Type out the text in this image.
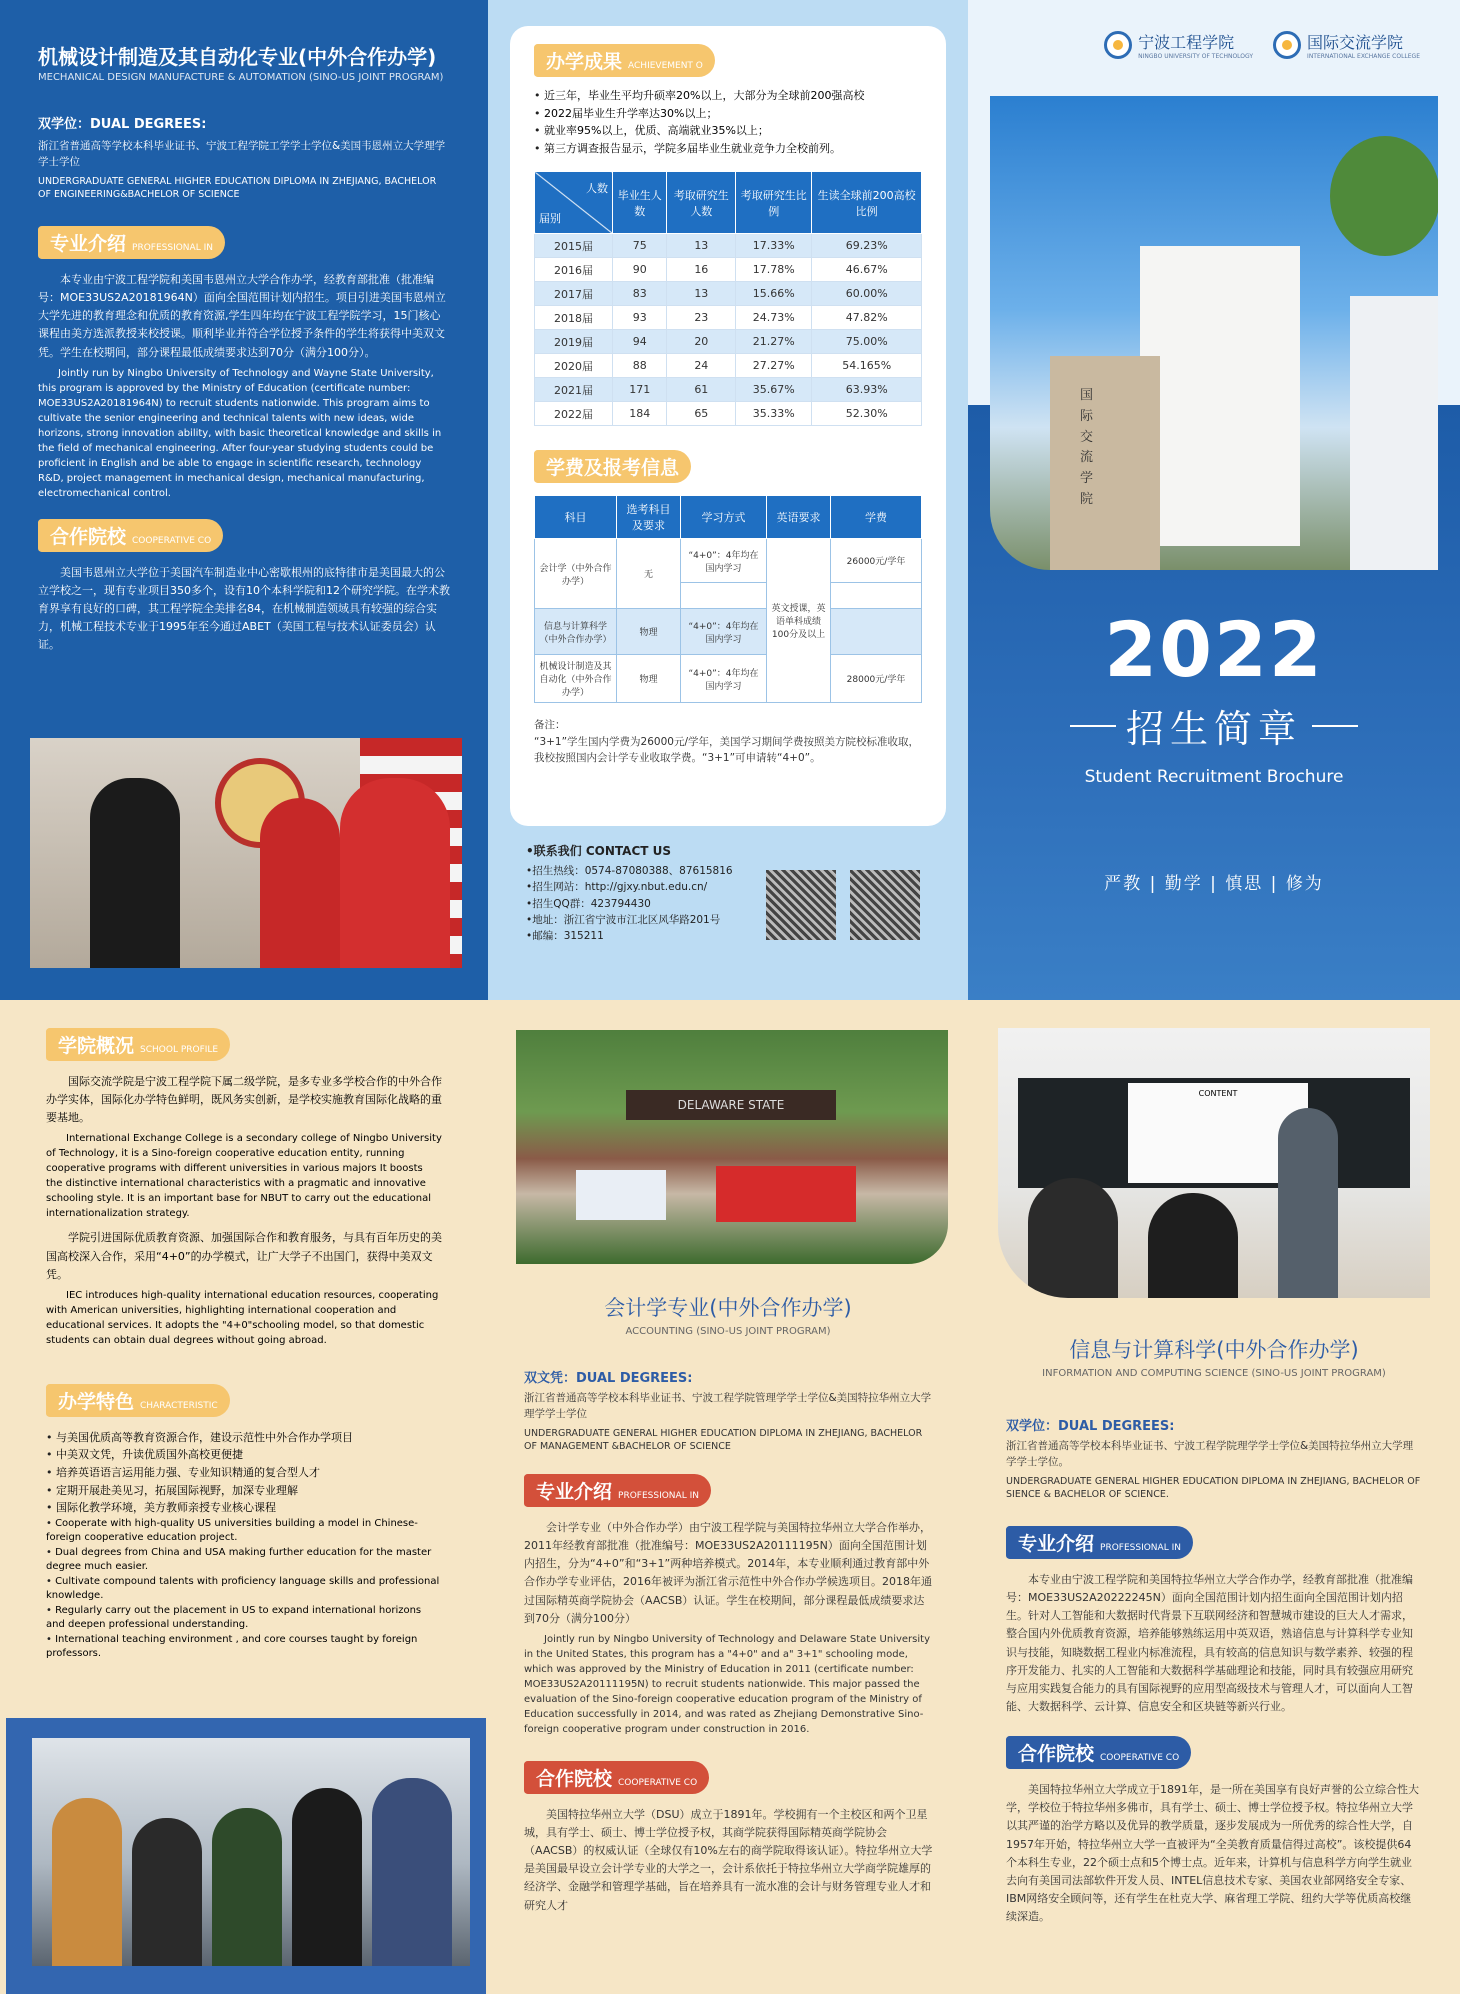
机械设计制造及其自动化专业(中外合作办学)
MECHANICAL DESIGN MANUFACTURE & AUTOMATION (SINO-US JOINT PROGRAM)
双学位：DUAL DEGREES:
浙江省普通高等学校本科毕业证书、宁波工程学院工学学士学位&美国韦恩州立大学理学学士学位
UNDERGRADUATE GENERAL HIGHER EDUCATION DIPLOMA IN ZHEJIANG, BACHELOR OF ENGINEERING&BACHELOR OF SCIENCE
专业介绍 PROFESSIONAL IN

本专业由宁波工程学院和美国韦恩州立大学合作办学，经教育部批准（批准编号：MOE33US2A20181964N）面向全国范围计划内招生。项目引进美国韦恩州立大学先进的教育理念和优质的教育资源,学生四年均在宁波工程学院学习，15门核心课程由美方选派教授来校授课。顺利毕业并符合学位授予条件的学生将获得中美双文凭。学生在校期间，部分课程最低成绩要求达到70分（满分100分）。

Jointly run by Ningbo University of Technology and Wayne State University, this program is approved by the Ministry of Education (certificate number: MOE33US2A20181964N) to recruit students nationwide. This program aims to cultivate the senior engineering and technical talents with new ideas, wide horizons, strong innovation ability, with basic theoretical knowledge and skills in the field of mechanical engineering. After four-year studying students could be proficient in English and be able to engage in scientific research, technology R&D, project management in mechanical design, mechanical manufacturing, electromechanical control.

合作院校 COOPERATIVE CO

美国韦恩州立大学位于美国汽车制造业中心密歇根州的底特律市是美国最大的公立学校之一，现有专业项目350多个，设有10个本科学院和12个研究学院。在学术教育界享有良好的口碑，其工程学院全美排名84，在机械制造领域具有较强的综合实力，机械工程技术专业于1995年至今通过ABET（美国工程与技术认证委员会）认证。

办学成果 ACHIEVEMENT O
• 近三年，毕业生平均升硕率20%以上，大部分为全球前200强高校
• 2022届毕业生升学率达30%以上；
• 就业率95%以上，优质、高端就业35%以上；
• 第三方调查报告显示，学院多届毕业生就业竞争力全校前列。
人数
届别	毕业生人数	考取研究生人数	考取研究生比例	生读全球前200高校比例
2015届	75	13	17.33%	69.23%
2016届	90	16	17.78%	46.67%
2017届	83	13	15.66%	60.00%
2018届	93	23	24.73%	47.82%
2019届	94	20	21.27%	75.00%
2020届	88	24	27.27%	54.165%
2021届	171	61	35.67%	63.93%
2022届	184	65	35.33%	52.30%
学费及报考信息
科目	选考科目及要求	学习方式	英语要求	学费
会计学（中外合作办学）	无	“4+0”：4年均在国内学习	英文授课，英语单科成绩100分及以上	26000元/学年

信息与计算科学（中外合作办学）	物理	“4+0”：4年均在国内学习		
机械设计制造及其自动化（中外合作办学）	物理	“4+0”：4年均在国内学习		28000元/学年

备注：
“3+1”学生国内学费为26000元/学年，美国学习期间学费按照美方院校标准收取，我校按照国内会计学专业收取学费。“3+1”可申请转“4+0”。
•联系我们 CONTACT US
•招生热线：0574-87080388、87615816
•招生网站：http://gjxy.nbut.edu.cn/
•招生QQ群：423794430
•地址：浙江省宁波市江北区风华路201号
•邮编：315211
宁波工程学院
NINGBO UNIVERSITY OF TECHNOLOGY
国际交流学院
INTERNATIONAL EXCHANGE COLLEGE
国际交流学院
2022
招生简章
Student Recruitment Brochure
严教 | 勤学 | 慎思 | 修为
学院概况 SCHOOL PROFILE

国际交流学院是宁波工程学院下属二级学院，是多专业多学校合作的中外合作办学实体，国际化办学特色鲜明，既风务实创新，是学校实施教育国际化战略的重要基地。

International Exchange College is a secondary college of Ningbo University of Technology, it is a Sino-foreign cooperative education entity, running cooperative programs with different universities in various majors It boosts the distinctive international characteristics with a pragmatic and innovative schooling style. It is an important base for NBUT to carry out the educational internationalization strategy.

学院引进国际优质教育资源、加强国际合作和教育服务，与具有百年历史的美国高校深入合作，采用“4+0”的办学模式，让广大学子不出国门，获得中美双文凭。

IEC introduces high-quality international education resources, cooperating with American universities, highlighting international cooperation and educational services. It adopts the "4+0"schooling model, so that domestic students can obtain dual degrees without going abroad.

办学特色 CHARACTERISTIC
• 与美国优质高等教育资源合作，建设示范性中外合作办学项目
• 中美双文凭，升读优质国外高校更便捷
• 培养英语语言运用能力强、专业知识精通的复合型人才
• 定期开展赴美见习，拓展国际视野，加深专业理解
• 国际化教学环境，美方教师亲授专业核心课程
• Cooperate with high-quality US universities building a model in Chinese-foreign cooperative education project.
• Dual degrees from China and USA making further education for the master degree much easier.
• Cultivate compound talents with proficiency language skills and professional knowledge.
• Regularly carry out the placement in US to expand international horizons and deepen professional understanding.
• International teaching environment , and core courses taught by foreign professors.
DELAWARE STATE
会计学专业(中外合作办学)
ACCOUNTING (SINO-US JOINT PROGRAM)
双文凭：DUAL DEGREES:
浙江省普通高等学校本科毕业证书、宁波工程学院管理学学士学位&美国特拉华州立大学理学学士学位
UNDERGRADUATE GENERAL HIGHER EDUCATION DIPLOMA IN ZHEJIANG, BACHELOR OF MANAGEMENT &BACHELOR OF SCIENCE
专业介绍 PROFESSIONAL IN

会计学专业（中外合作办学）由宁波工程学院与美国特拉华州立大学合作举办，2011年经教育部批准（批准编号：MOE33US2A20111195N）面向全国范围计划内招生，分为“4+0”和“3+1”两种培养模式。2014年，本专业顺利通过教育部中外合作办学专业评估，2016年被评为浙江省示范性中外合作办学候选项目。2018年通过国际精英商学院协会（AACSB）认证。学生在校期间，部分课程最低成绩要求达到70分（满分100分）

Jointly run by Ningbo University of Technology and Delaware State University in the United States, this program has a "4+0" and a" 3+1" schooling mode, which was approved by the Ministry of Education in 2011 (certificate number: MOE33US2A20111195N) to recruit students nationwide. This major passed the evaluation of the Sino-foreign cooperative education program of the Ministry of Education successfully in 2014, and was rated as Zhejiang Demonstrative Sino-foreign cooperative program under construction in 2016.

合作院校 COOPERATIVE CO

美国特拉华州立大学（DSU）成立于1891年。学校拥有一个主校区和两个卫星城，具有学士、硕士、博士学位授予权，其商学院获得国际精英商学院协会（AACSB）的权威认证（全球仅有10%左右的商学院取得该认证）。特拉华州立大学是美国最早设立会计学专业的大学之一，会计系依托于特拉华州立大学商学院雄厚的经济学、金融学和管理学基础，旨在培养具有一流水准的会计与财务管理专业人才和研究人才

CONTENT
信息与计算科学(中外合作办学)
INFORMATION AND COMPUTING SCIENCE (SINO-US JOINT PROGRAM)
双学位：DUAL DEGREES:
浙江省普通高等学校本科毕业证书、宁波工程学院理学学士学位&美国特拉华州立大学理学学士学位。
UNDERGRADUATE GENERAL HIGHER EDUCATION DIPLOMA IN ZHEJIANG, BACHELOR OF SIENCE & BACHELOR OF SCIENCE.
专业介绍 PROFESSIONAL IN

本专业由宁波工程学院和美国特拉华州立大学合作办学，经教育部批准（批准编号：MOE33US2A20222245N）面向全国范围计划内招生面向全国范围计划内招生。针对人工智能和大数据时代背景下互联网经济和智慧城市建设的巨大人才需求，整合国内外优质教育资源，培养能够熟练运用中英双语，熟谙信息与计算科学专业知识与技能，知晓数据工程业内标准流程，具有较高的信息知识与数学素养、较强的程序开发能力、扎实的人工智能和大数据科学基础理论和技能，同时具有较强应用研究与应用实践复合能力的具有国际视野的应用型高级技术与管理人才，可以面向人工智能、大数据科学、云计算、信息安全和区块链等新兴行业。

合作院校 COOPERATIVE CO

美国特拉华州立大学成立于1891年，是一所在美国享有良好声誉的公立综合性大学，学校位于特拉华州多佛市，具有学士、硕士、博士学位授予权。特拉华州立大学以其严谨的治学方略以及优异的教学质量，逐步发展成为一所优秀的综合性大学，自1957年开始，特拉华州立大学一直被评为“全美教育质量信得过高校”。该校提供64个本科生专业，22个硕士点和5个博士点。近年来，计算机与信息科学方向学生就业去向有美国司法部软件开发人员、INTEL信息技术专家、美国农业部网络安全专家、IBM网络安全顾问等，还有学生在杜克大学、麻省理工学院、纽约大学等优质高校继续深造。
